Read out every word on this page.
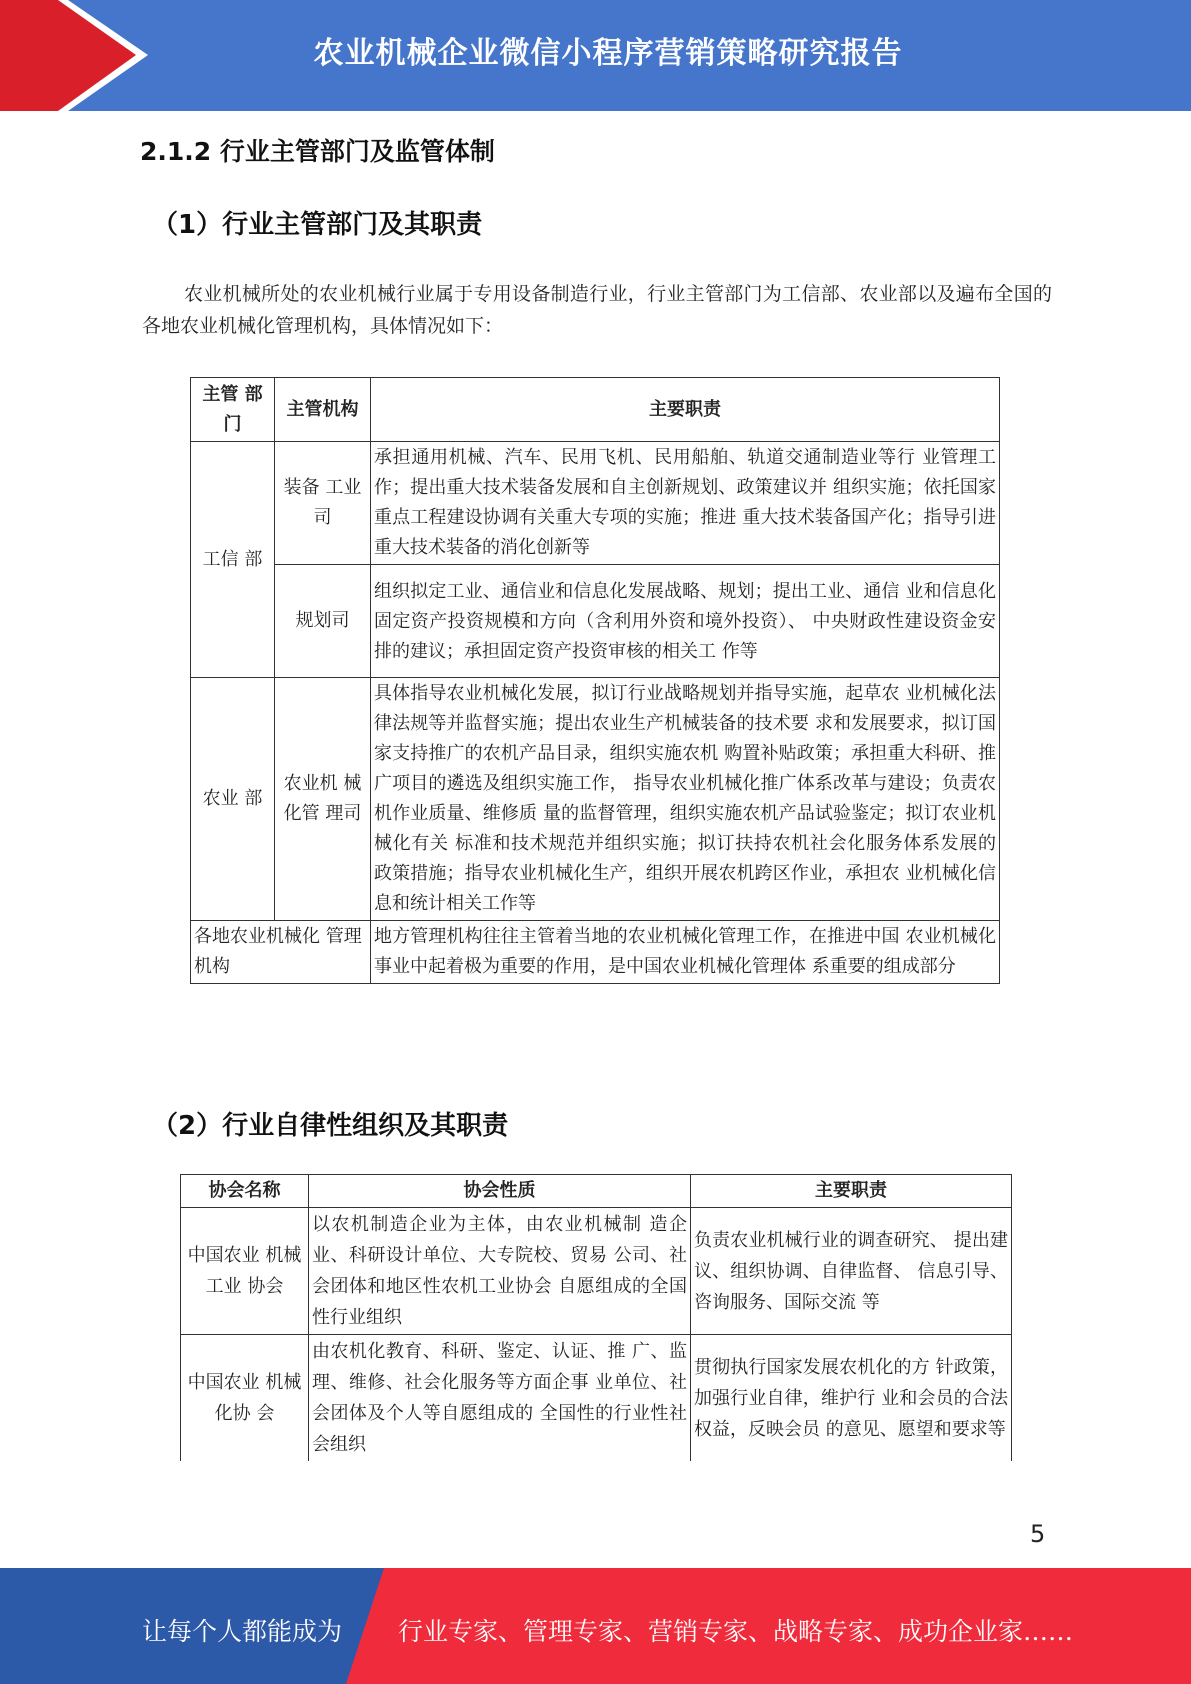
农业机械企业微信小程序营销策略研究报告
2.1.2 行业主管部门及监管体制
（1）行业主管部门及其职责
农业机械所处的农业机械行业属于专用设备制造行业，行业主管部门为工信部、农业部以及遍布全国的各地农业机械化管理机构，具体情况如下：
主管 部门	主管机构	主要职责
工信 部	装备 工业司	承担通用机械、汽车、民用飞机、民用船舶、轨道交通制造业等行 业管理工作；提出重大技术装备发展和自主创新规划、政策建议并 组织实施；依托国家重点工程建设协调有关重大专项的实施；推进 重大技术装备国产化；指导引进重大技术装备的消化创新等
	规划司	组织拟定工业、通信业和信息化发展战略、规划；提出工业、通信 业和信息化固定资产投资规模和方向（含利用外资和境外投资）、 中央财政性建设资金安排的建议；承担固定资产投资审核的相关工 作等
农业 部	农业机 械化管 理司	具体指导农业机械化发展，拟订行业战略规划并指导实施，起草农 业机械化法律法规等并监督实施；提出农业生产机械装备的技术要 求和发展要求，拟订国家支持推广的农机产品目录，组织实施农机 购置补贴政策；承担重大科研、推广项目的遴选及组织实施工作， 指导农业机械化推广体系改革与建设；负责农机作业质量、维修质 量的监督管理，组织实施农机产品试验鉴定；拟订农业机械化有关 标准和技术规范并组织实施；拟订扶持农机社会化服务体系发展的 政策措施；指导农业机械化生产，组织开展农机跨区作业，承担农 业机械化信息和统计相关工作等
各地农业机械化 管理机构		地方管理机构往往主管着当地的农业机械化管理工作，在推进中国 农业机械化事业中起着极为重要的作用，是中国农业机械化管理体 系重要的组成部分
（2）行业自律性组织及其职责
协会名称	协会性质	主要职责
中国农业 机械工业 协会	以农机制造企业为主体，由农业机械制 造企业、科研设计单位、大专院校、贸易 公司、社会团体和地区性农机工业协会 自愿组成的全国性行业组织	负责农业机械行业的调查研究、 提出建议、组织协调、自律监督、 信息引导、咨询服务、国际交流 等
中国农业 机械化协 会	由农机化教育、科研、鉴定、认证、推 广、监理、维修、社会化服务等方面企事 业单位、社会团体及个人等自愿组成的 全国性的行业性社会组织	贯彻执行国家发展农机化的方 针政策，加强行业自律，维护行 业和会员的合法权益，反映会员 的意见、愿望和要求等
5
让每个人都能成为 行业专家、管理专家、营销专家、战略专家、成功企业家……
